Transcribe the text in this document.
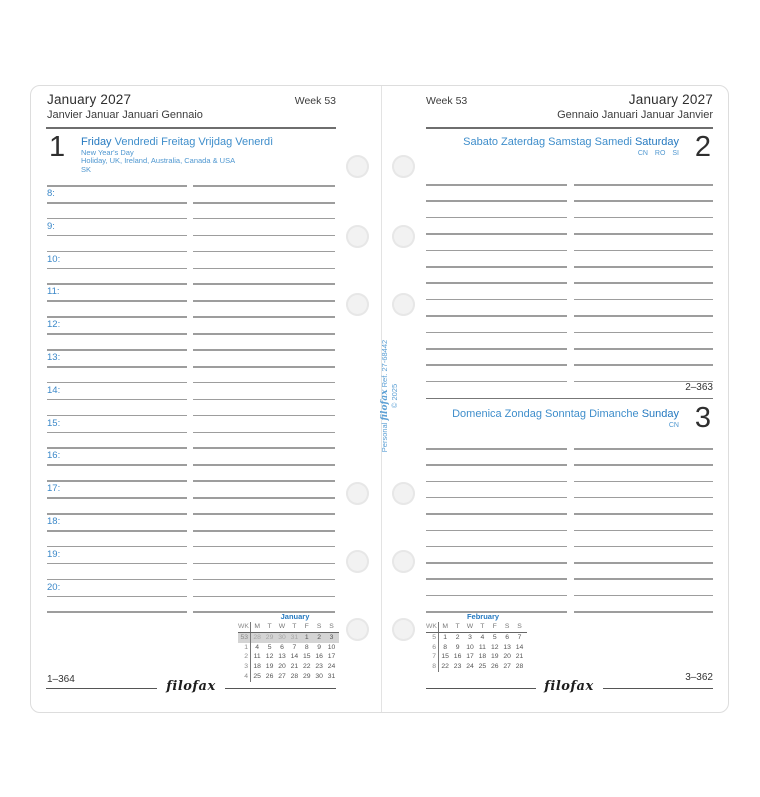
January 2027
Janvier Januar Januari Gennaio
Week 53
1 Friday Vendredi Freitag Vrijdag Venerdì
New Year's Day
Holiday, UK, Ireland, Australia, Canada & USA
SK
8:
9:
10:
11:
12:
13:
14:
15:
16:
17:
18:
19:
20:
January
WK M	T	W	T	F	S	S
53 28 29 30 31 1	2	3
1	4	5	6	7	8	9 10
2 11 12 13 14 15 16 17
3 18 19 20 21 22 23 24
4 25 26 27 28 29 30 31
1–364	filofax
Personal filofax Ref. 27-68442
© 2025
Week 53	January 2027
Gennaio Januari Januar Janvier
Sabato Zaterdag Samstag Samedi Saturday
CN RO SI 2
2–363
Domenica Zondag Sonntag Dimanche Sunday
CN 3
February
WK M	T	W	T	F	S	S
5	1	2	3	4	5	6	7
6	8	9 10 11 12 13 14
7 15 16 17 18 19 20 21
8 22 23 24 25 26 27 28
3–362
filofax
